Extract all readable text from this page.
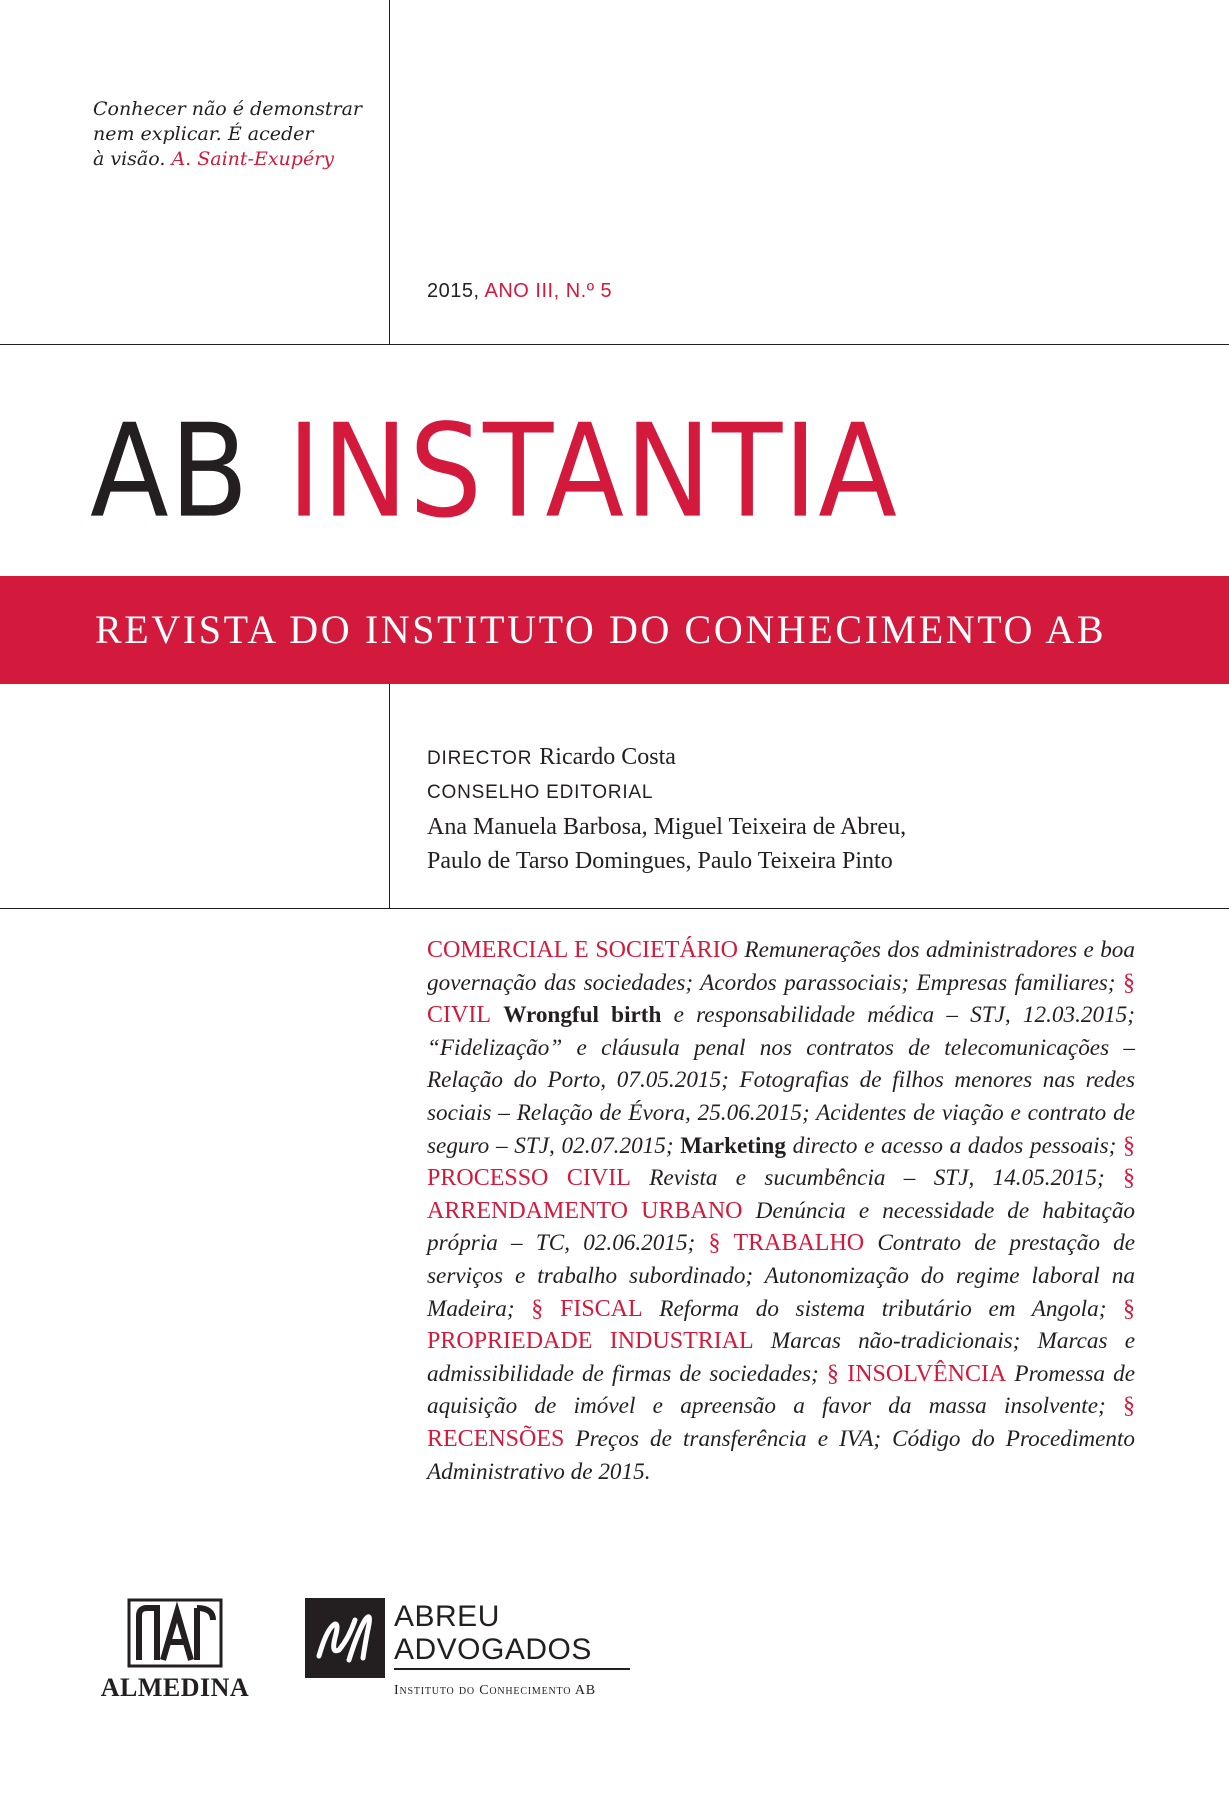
Conhecer não é demonstrar
nem explicar. É aceder
à visão. A. Saint-Exupéry
2015, ANO III, N.º 5
AB INSTANTIA
REVISTA DO INSTITUTO DO CONHECIMENTO AB
DIRECTOR Ricardo Costa
CONSELHO EDITORIAL
Ana Manuela Barbosa, Miguel Teixeira de Abreu,
Paulo de Tarso Domingues, Paulo Teixeira Pinto
COMERCIAL E SOCIETÁRIO Remunerações dos administradores e boa governação das sociedades; Acordos parassociais; Empresas familiares; § CIVIL Wrongful birth e responsabilidade médica – STJ, 12.03.2015; “Fidelização” e cláusula penal nos contratos de telecomunicações – Relação do Porto, 07.05.2015; Fotografias de filhos menores nas redes sociais – Relação de Évora, 25.06.2015; Acidentes de viação e contrato de seguro – STJ, 02.07.2015; Marketing directo e acesso a dados pessoais; § PROCESSO CIVIL Revista e sucumbência – STJ, 14.05.2015; § ARRENDAMENTO URBANO Denúncia e necessidade de habitação própria – TC, 02.06.2015; § TRABALHO Contrato de prestação de serviços e trabalho subordinado; Autonomização do regime laboral na Madeira; § FISCAL Reforma do sistema tributário em Angola; § PROPRIEDADE INDUSTRIAL Marcas não-tradicionais; Marcas e admissibilidade de firmas de sociedades; § INSOLVÊNCIA Promessa de aquisição de imóvel e apreensão a favor da massa insolvente; § RECENSÕES Preços de transferência e IVA; Código do Procedimento Administrativo de 2015.
ALMEDINA
ABREU
ADVOGADOS
Instituto do Conhecimento AB
